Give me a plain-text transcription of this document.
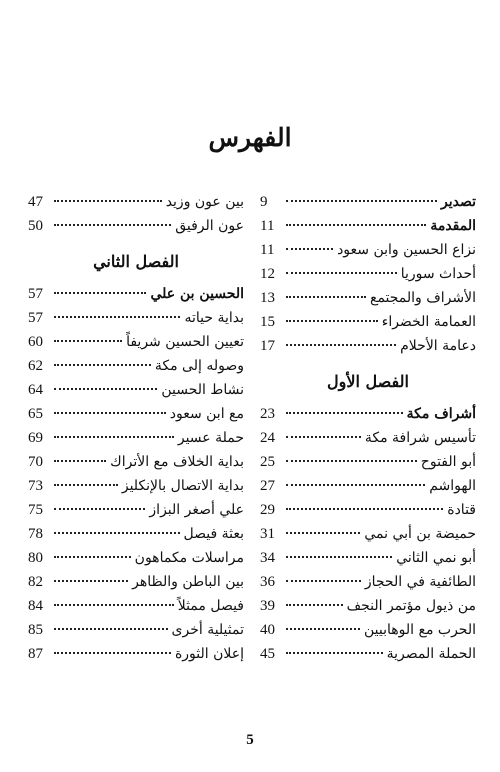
الفهرس
تصدير
9
المقدمة
11
نزاع الحسين وابن سعود
11
أحداث سوريا
12
الأشراف والمجتمع
13
العمامة الخضراء
15
دعامة الأحلام
17
الفصل الأول
أشراف مكة
23
تأسيس شرافة مكة
24
أبو الفتوح
25
الهواشم
27
قتادة
29
حميضة بن أبي نمي
31
أبو نمي الثاني
34
الطائفية في الحجاز
36
من ذيول مؤتمر النجف
39
الحرب مع الوهابيين
40
الحملة المصرية
45
بين عون وزيد
47
عون الرفيق
50
الفصل الثاني
الحسين بن علي
57
بداية حياته
57
تعيين الحسين شريفاً
60
وصوله إلى مكة
62
نشاط الحسين
64
مع ابن سعود
65
حملة عسير
69
بداية الخلاف مع الأتراك
70
بداية الاتصال بالإنكليز
73
علي أصغر البزاز
75
بعثة فيصل
78
مراسلات مكماهون
80
بين الباطن والظاهر
82
فيصل ممثلاً
84
تمثيلية أخرى
85
إعلان الثورة
87
5
